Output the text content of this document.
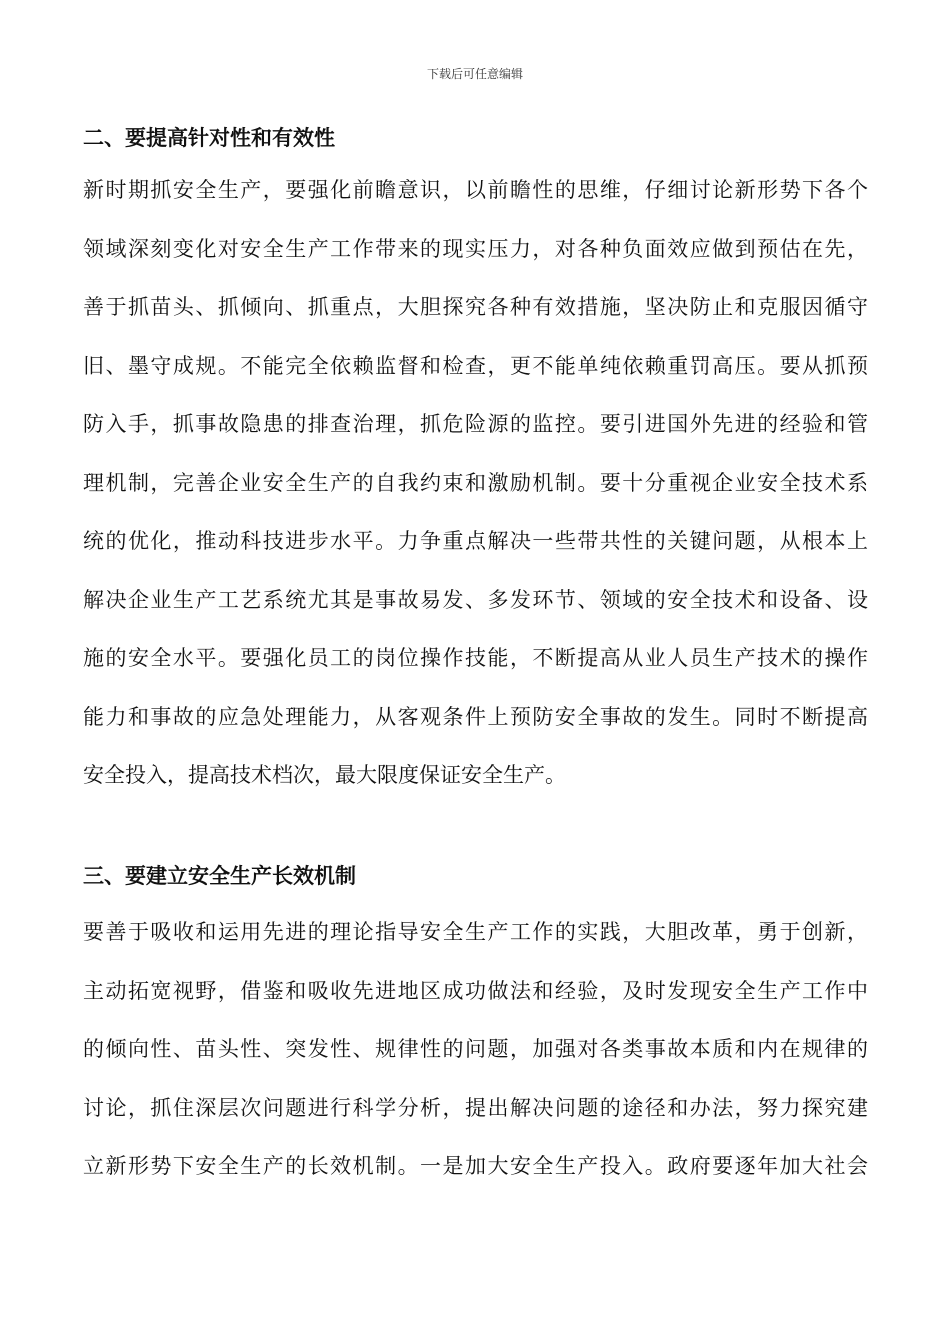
下载后可任意编辑
二、要提高针对性和有效性
新时期抓安全生产，要强化前瞻意识，以前瞻性的思维，仔细讨论新形势下各个
领域深刻变化对安全生产工作带来的现实压力，对各种负面效应做到预估在先，
善于抓苗头、抓倾向、抓重点，大胆探究各种有效措施，坚决防止和克服因循守
旧、墨守成规。不能完全依赖监督和检查，更不能单纯依赖重罚高压。要从抓预
防入手，抓事故隐患的排查治理，抓危险源的监控。要引进国外先进的经验和管
理机制，完善企业安全生产的自我约束和激励机制。要十分重视企业安全技术系
统的优化，推动科技进步水平。力争重点解决一些带共性的关键问题，从根本上
解决企业生产工艺系统尤其是事故易发、多发环节、领域的安全技术和设备、设
施的安全水平。要强化员工的岗位操作技能，不断提高从业人员生产技术的操作
能力和事故的应急处理能力，从客观条件上预防安全事故的发生。同时不断提高
安全投入，提高技术档次，最大限度保证安全生产。
三、要建立安全生产长效机制
要善于吸收和运用先进的理论指导安全生产工作的实践，大胆改革，勇于创新，
主动拓宽视野，借鉴和吸收先进地区成功做法和经验，及时发现安全生产工作中
的倾向性、苗头性、突发性、规律性的问题，加强对各类事故本质和内在规律的
讨论，抓住深层次问题进行科学分析，提出解决问题的途径和办法，努力探究建
立新形势下安全生产的长效机制。一是加大安全生产投入。政府要逐年加大社会
